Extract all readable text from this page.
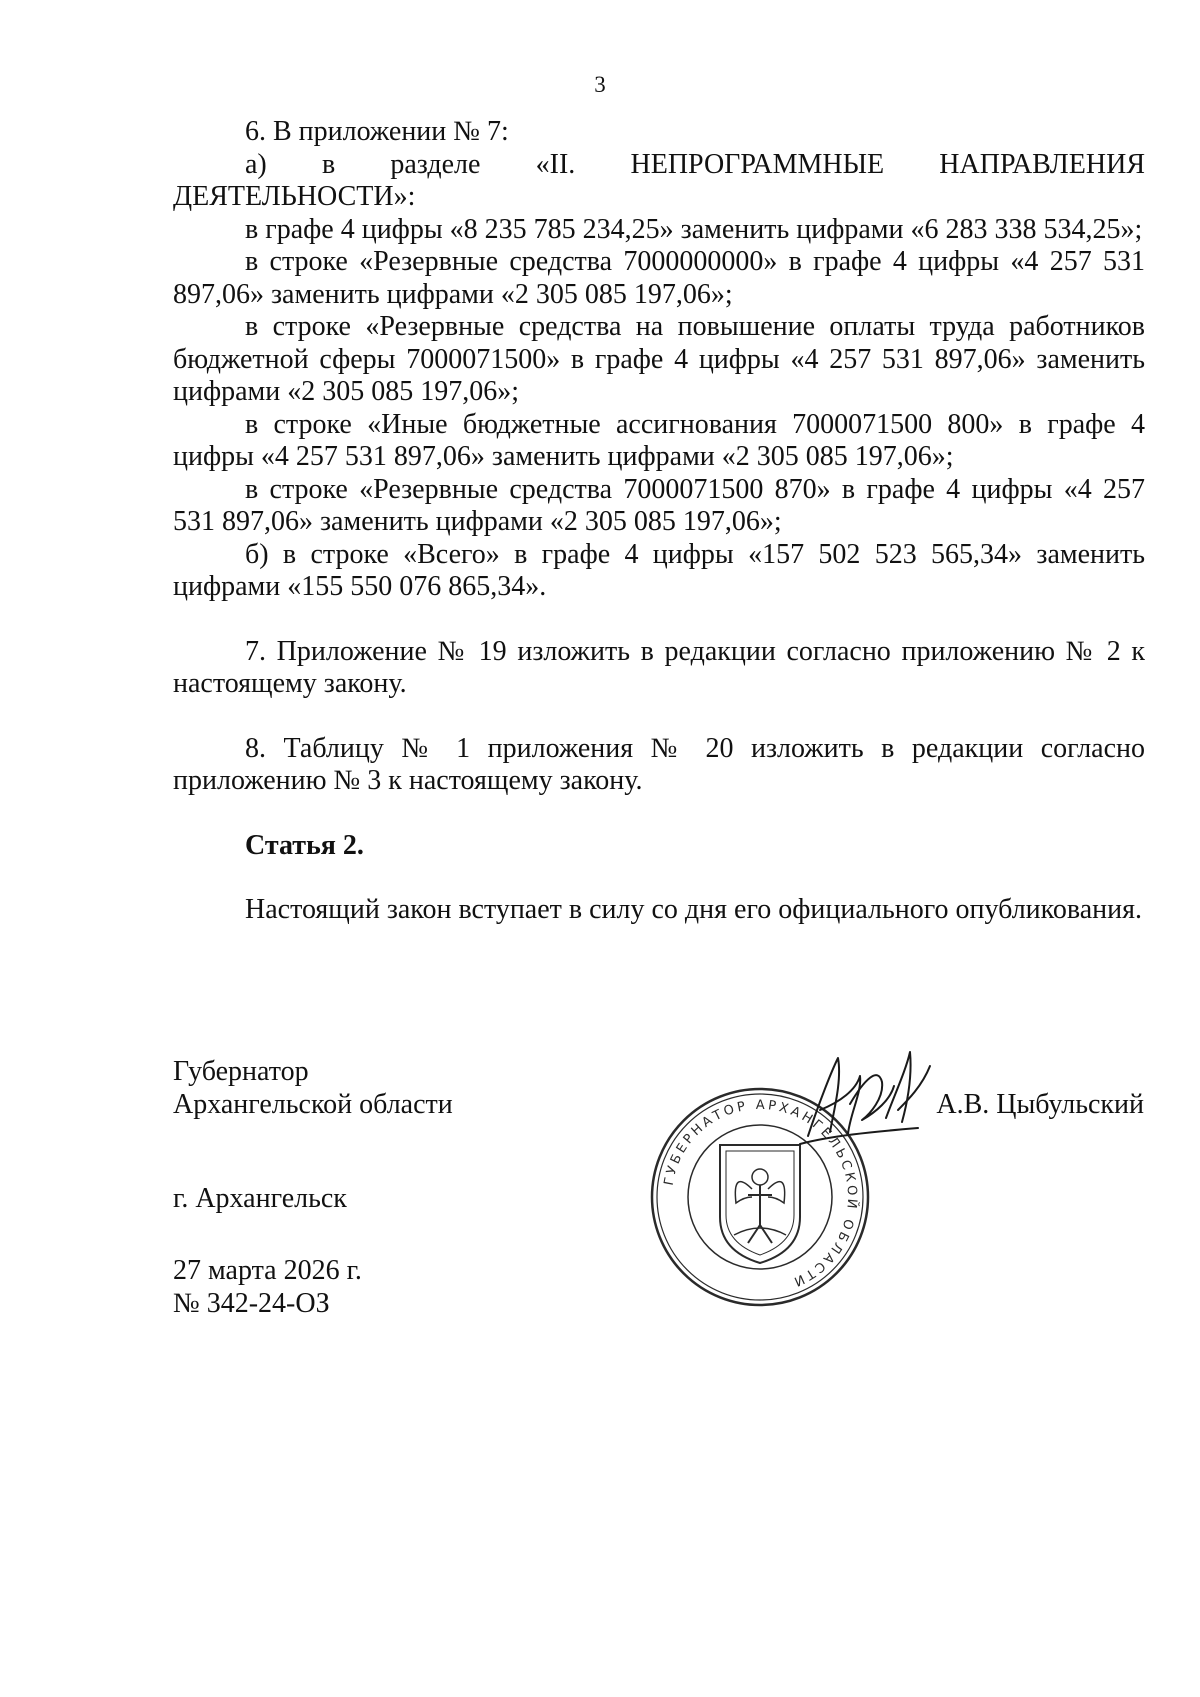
3

6. В приложении № 7:

а) в разделе «II. НЕПРОГРАММНЫЕ НАПРАВЛЕНИЯ ДЕЯТЕЛЬНОСТИ»:

в графе 4 цифры «8 235 785 234,25» заменить цифрами «6 283 338 534,25»;

в строке «Резервные средства 7000000000» в графе 4 цифры «4 257 531 897,06» заменить цифрами «2 305 085 197,06»;

в строке «Резервные средства на повышение оплаты труда работников бюджетной сферы 7000071500» в графе 4 цифры «4 257 531 897,06» заменить цифрами «2 305 085 197,06»;

в строке «Иные бюджетные ассигнования 7000071500 800» в графе 4 цифры «4 257 531 897,06» заменить цифрами «2 305 085 197,06»;

в строке «Резервные средства 7000071500 870» в графе 4 цифры «4 257 531 897,06» заменить цифрами «2 305 085 197,06»;

б) в строке «Всего» в графе 4 цифры «157 502 523 565,34» заменить цифрами «155 550 076 865,34».

7. Приложение № 19 изложить в редакции согласно приложению № 2 к настоящему закону.

8. Таблицу № 1 приложения № 20 изложить в редакции согласно приложению № 3 к настоящему закону.

Статья 2.

Настоящий закон вступает в силу со дня его официального опубликования.

Губернатор
Архангельской области
ГУБЕРНАТОР АРХАНГЕЛЬСКОЙ ОБЛАСТИ
А.В. Цыбульский
г. Архангельск
27 марта 2026 г.
№ 342-24-ОЗ
